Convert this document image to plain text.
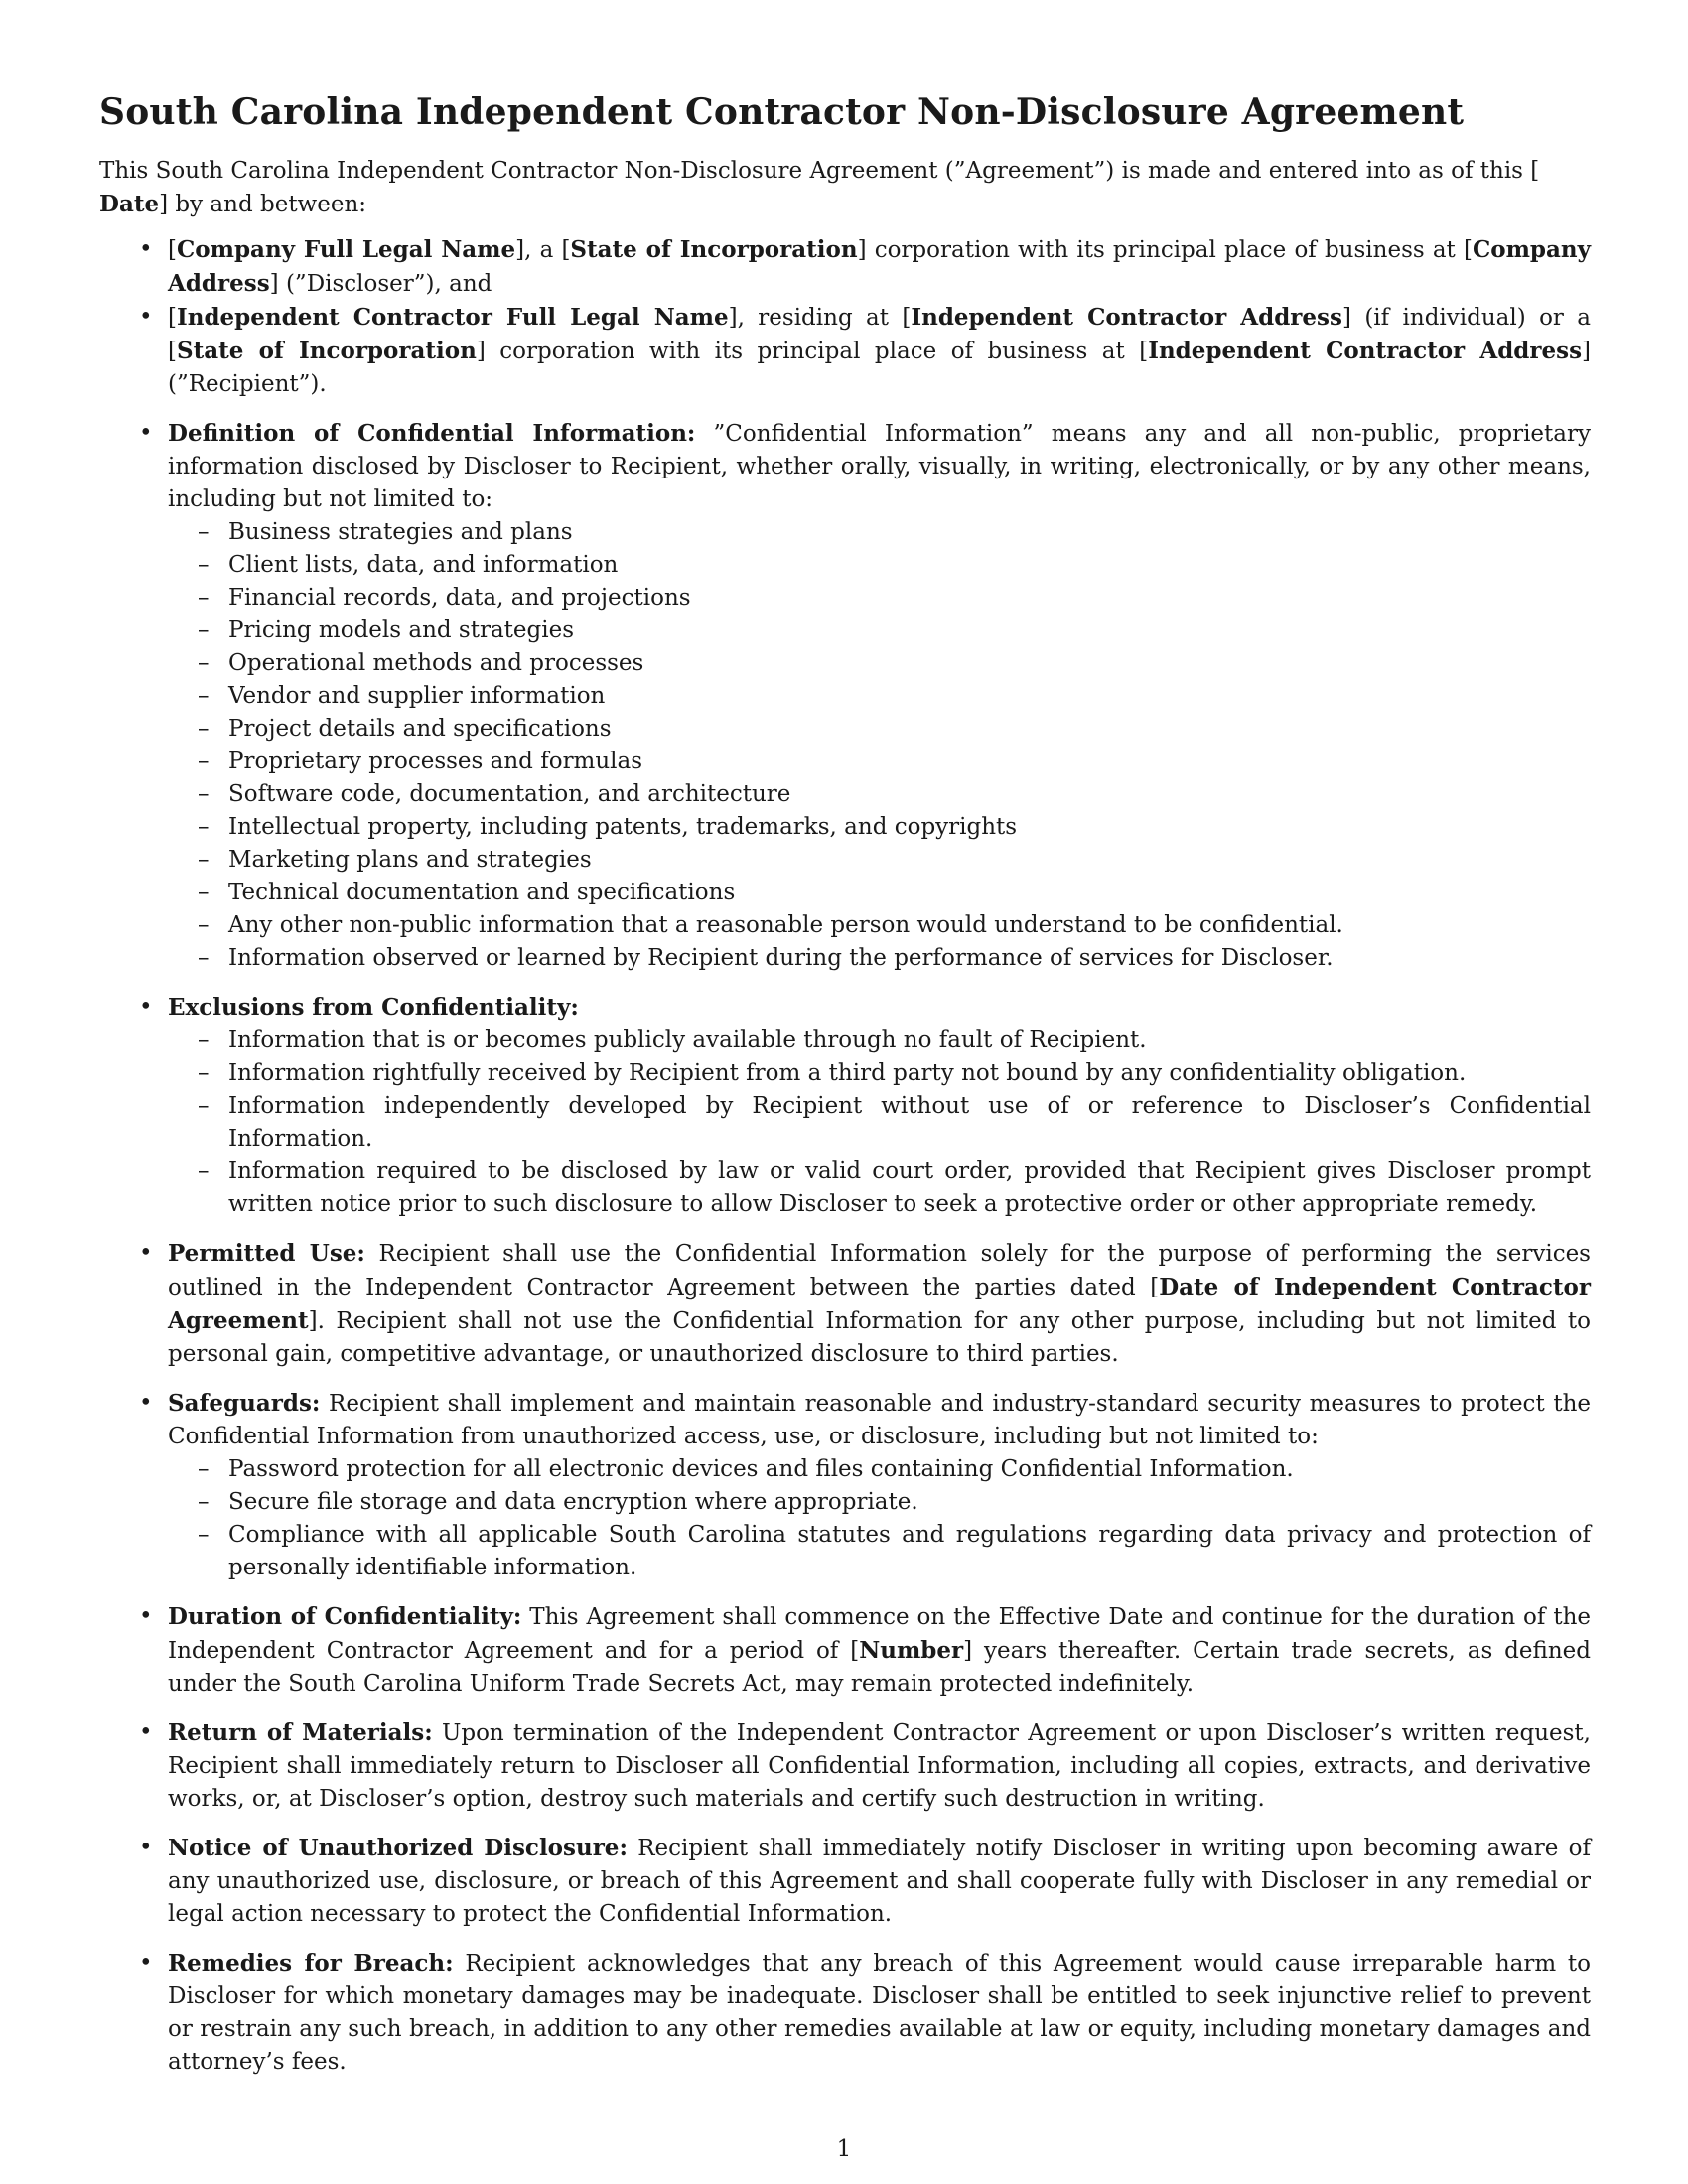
South Carolina Independent Contractor Non-Disclosure Agreement

This South Carolina Independent Contractor Non-Disclosure Agreement (”Agreement”) is made and entered into as of this [
Date] by and between:

• [Company Full Legal Name], a [State of Incorporation] corporation with its principal place of business at [Company Address] (”Discloser”), and
• [Independent Contractor Full Legal Name], residing at [Independent Contractor Address] (if individual) or a [State of Incorporation] corporation with its principal place of business at [Independent Contractor Address] (”Recipient”).
• Definition of Confidential Information: ”Confidential Information” means any and all non-public, proprietary information disclosed by Discloser to Recipient, whether orally, visually, in writing, electronically, or by any other means, including but not limited to:
– Business strategies and plans
– Client lists, data, and information
– Financial records, data, and projections
– Pricing models and strategies
– Operational methods and processes
– Vendor and supplier information
– Project details and specifications
– Proprietary processes and formulas
– Software code, documentation, and architecture
– Intellectual property, including patents, trademarks, and copyrights
– Marketing plans and strategies
– Technical documentation and specifications
– Any other non-public information that a reasonable person would understand to be confidential.
– Information observed or learned by Recipient during the performance of services for Discloser.
• Exclusions from Confidentiality:
– Information that is or becomes publicly available through no fault of Recipient.
– Information rightfully received by Recipient from a third party not bound by any confidentiality obligation.
– Information independently developed by Recipient without use of or reference to Discloser’s Confidential Information.
– Information required to be disclosed by law or valid court order, provided that Recipient gives Discloser prompt written notice prior to such disclosure to allow Discloser to seek a protective order or other appropriate remedy.
• Permitted Use: Recipient shall use the Confidential Information solely for the purpose of performing the services outlined in the Independent Contractor Agreement between the parties dated [Date of Independent Contractor Agreement]. Recipient shall not use the Confidential Information for any other purpose, including but not limited to personal gain, competitive advantage, or unauthorized disclosure to third parties.
• Safeguards: Recipient shall implement and maintain reasonable and industry-standard security measures to protect the Confidential Information from unauthorized access, use, or disclosure, including but not limited to:
– Password protection for all electronic devices and files containing Confidential Information.
– Secure file storage and data encryption where appropriate.
– Compliance with all applicable South Carolina statutes and regulations regarding data privacy and protection of personally identifiable information.
• Duration of Confidentiality: This Agreement shall commence on the Effective Date and continue for the duration of the Independent Contractor Agreement and for a period of [Number] years thereafter. Certain trade secrets, as defined under the South Carolina Uniform Trade Secrets Act, may remain protected indefinitely.
• Return of Materials: Upon termination of the Independent Contractor Agreement or upon Discloser’s written request, Recipient shall immediately return to Discloser all Confidential Information, including all copies, extracts, and derivative works, or, at Discloser’s option, destroy such materials and certify such destruction in writing.
• Notice of Unauthorized Disclosure: Recipient shall immediately notify Discloser in writing upon becoming aware of any unauthorized use, disclosure, or breach of this Agreement and shall cooperate fully with Discloser in any remedial or legal action necessary to protect the Confidential Information.
• Remedies for Breach: Recipient acknowledges that any breach of this Agreement would cause irreparable harm to Discloser for which monetary damages may be inadequate. Discloser shall be entitled to seek injunctive relief to prevent or restrain any such breach, in addition to any other remedies available at law or equity, including monetary damages and attorney’s fees.
1
